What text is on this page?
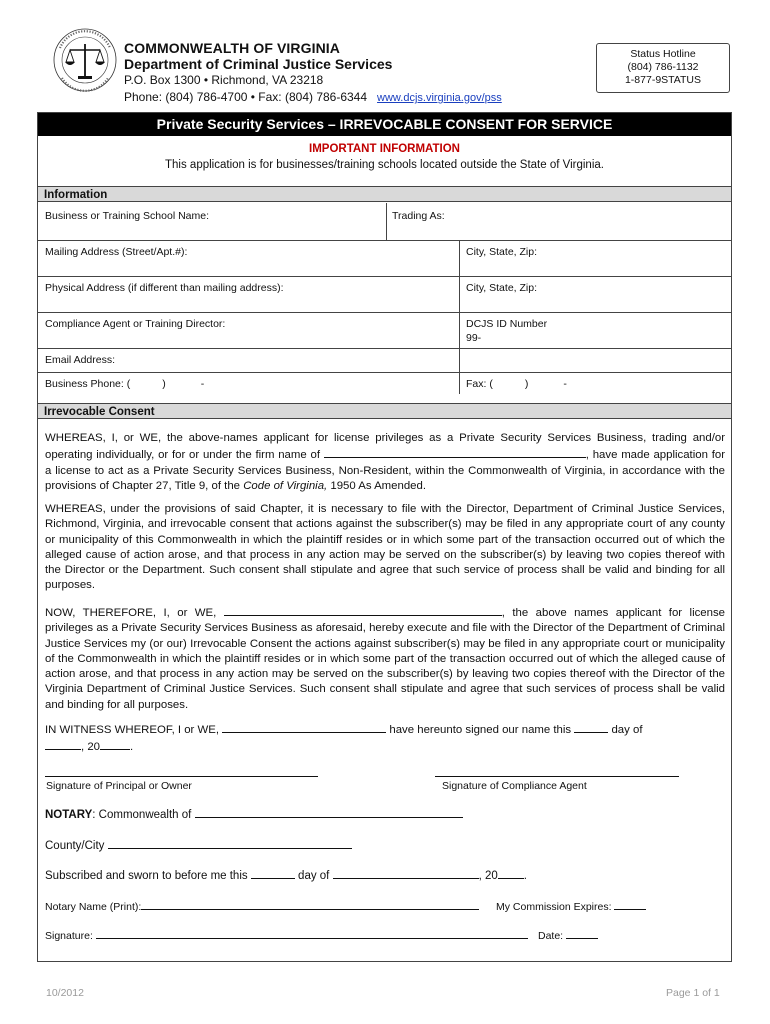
COMMONWEALTH OF VIRGINIA
Department of Criminal Justice Services
P.O. Box 1300 • Richmond, VA 23218
Phone: (804) 786-4700 • Fax: (804) 786-6344 www.dcjs.virginia.gov/pss
Status Hotline
(804) 786-1132
1-877-9STATUS
Private Security Services – IRREVOCABLE CONSENT FOR SERVICE
IMPORTANT INFORMATION
This application is for businesses/training schools located outside the State of Virginia.
Information
Business or Training School Name:	Trading As:
Mailing Address (Street/Apt.#):	City, State, Zip:
Physical Address (if different than mailing address):	City, State, Zip:
Compliance Agent or Training Director:	DCJS ID Number
99-
Email Address:
Business Phone: (           )            -	Fax: (           )            -
Irrevocable Consent
WHEREAS, I, or WE, the above-names applicant for license privileges as a Private Security Services Business, trading and/or operating individually, or for or under the firm name of	, have made application for a license to act as a Private Security Services Business, Non-Resident, within the Commonwealth of Virginia, in accordance with the provisions of Chapter 27, Title 9, of the Code of Virginia, 1950 As Amended.
WHEREAS, under the provisions of said Chapter, it is necessary to file with the Director, Department of Criminal Justice Services, Richmond, Virginia, and irrevocable consent that actions against the subscriber(s) may be filed in any appropriate court of any county or municipality of this Commonwealth in which the plaintiff resides or in which some part of the transaction occurred out of which the alleged cause of action arose, and that process in any action may be served on the subscriber(s) by leaving two copies thereof with the Director or the Department. Such consent shall stipulate and agree that such service of process shall be valid and binding for all purposes.
NOW, THEREFORE, I, or WE,	, the above names applicant for license privileges as a Private Security Services Business as aforesaid, hereby execute and file with the Director of the Department of Criminal Justice Services my (or our) Irrevocable Consent the actions against subscriber(s) may be filed in any appropriate court or municipality of the Commonwealth in which the plaintiff resides or in which some part of the transaction occurred out of which the alleged cause of action arose, and that process in any action may be served on the subscriber(s) by leaving two copies thereof with the Director of the Virginia Department of Criminal Justice Services. Such consent shall stipulate and agree that such services of process shall be valid and binding for all purposes.
IN WITNESS WHEREOF, I or WE,	have hereunto signed our name this	day of
, 20	.
Signature of Principal or Owner	Signature of Compliance Agent
NOTARY: Commonwealth of
County/City
Subscribed and sworn to before me this	day of	, 20 .
Notary Name (Print):	My Commission Expires:
Signature:	Date:
10/2012	Page 1 of 1
